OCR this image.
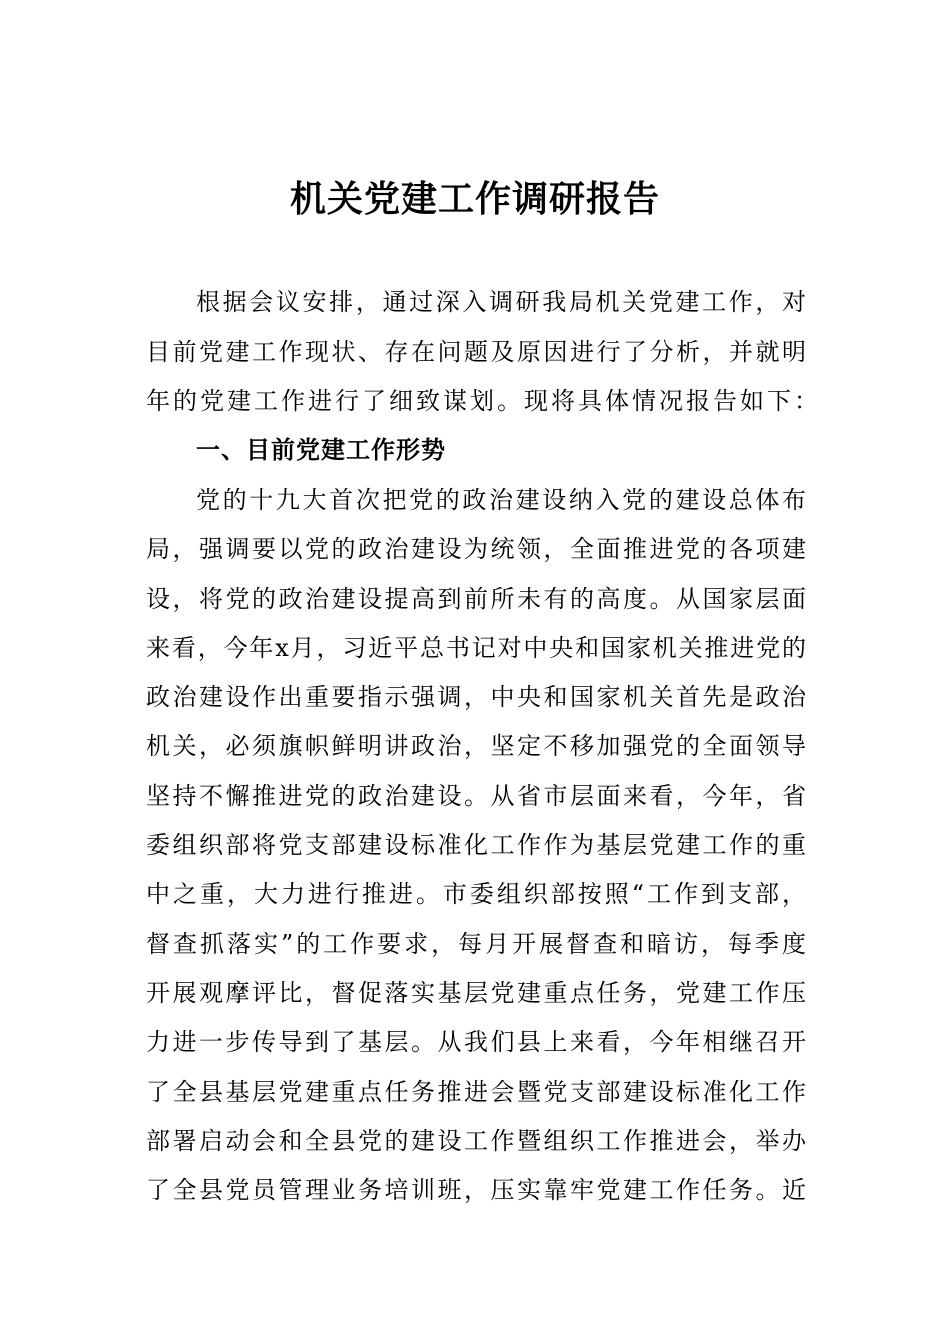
机关党建工作调研报告
根据会议安排，通过深入调研我局机关党建工作，对
目前党建工作现状、存在问题及原因进行了分析，并就明
年的党建工作进行了细致谋划。现将具体情况报告如下：
一、目前党建工作形势
党的十九大首次把党的政治建设纳入党的建设总体布
局，强调要以党的政治建设为统领，全面推进党的各项建
设，将党的政治建设提高到前所未有的高度。从国家层面
来看，今年x月，习近平总书记对中央和国家机关推进党的
政治建设作出重要指示强调，中央和国家机关首先是政治
机关，必须旗帜鲜明讲政治，坚定不移加强党的全面领导
坚持不懈推进党的政治建设。从省市层面来看，今年，省
委组织部将党支部建设标准化工作作为基层党建工作的重
中之重，大力进行推进。市委组织部按照“工作到支部，
督查抓落实”的工作要求，每月开展督查和暗访，每季度
开展观摩评比，督促落实基层党建重点任务，党建工作压
力进一步传导到了基层。从我们县上来看，今年相继召开
了全县基层党建重点任务推进会暨党支部建设标准化工作
部署启动会和全县党的建设工作暨组织工作推进会，举办
了全县党员管理业务培训班，压实靠牢党建工作任务。近
